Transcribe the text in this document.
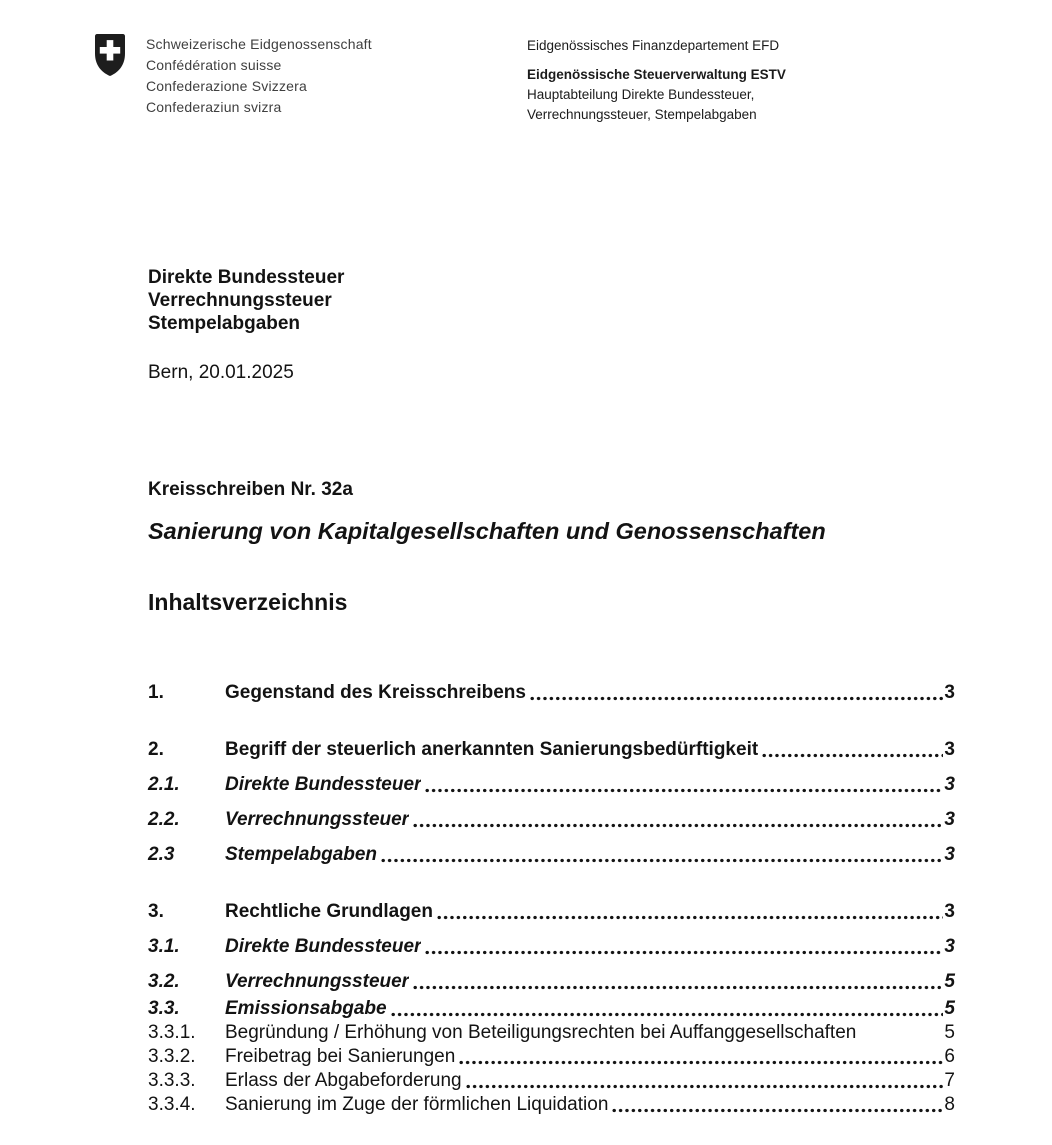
Schweizerische Eidgenossenschaft
Confédération suisse
Confederazione Svizzera
Confederaziun svizra
Eidgenössisches Finanzdepartement EFD
Eidgenössische Steuerverwaltung ESTV
Hauptabteilung Direkte Bundessteuer,
Verrechnungssteuer, Stempelabgaben
Direkte Bundessteuer
Verrechnungssteuer
Stempelabgaben
Bern, 20.01.2025
Kreisschreiben Nr. 32a
Sanierung von Kapitalgesellschaften und Genossenschaften
Inhaltsverzeichnis
1.	Gegenstand des Kreisschreibens	3
2.	Begriff der steuerlich anerkannten Sanierungsbedürftigkeit	3
2.1.	Direkte Bundessteuer	3
2.2.	Verrechnungssteuer	3
2.3	Stempelabgaben	3
3.	Rechtliche Grundlagen	3
3.1.	Direkte Bundessteuer	3
3.2.	Verrechnungssteuer	5
3.3.	Emissionsabgabe	5
3.3.1.	Begründung / Erhöhung von Beteiligungsrechten bei Auffanggesellschaften	5
3.3.2.	Freibetrag bei Sanierungen	6
3.3.3.	Erlass der Abgabeforderung	7
3.3.4.	Sanierung im Zuge der förmlichen Liquidation	8
